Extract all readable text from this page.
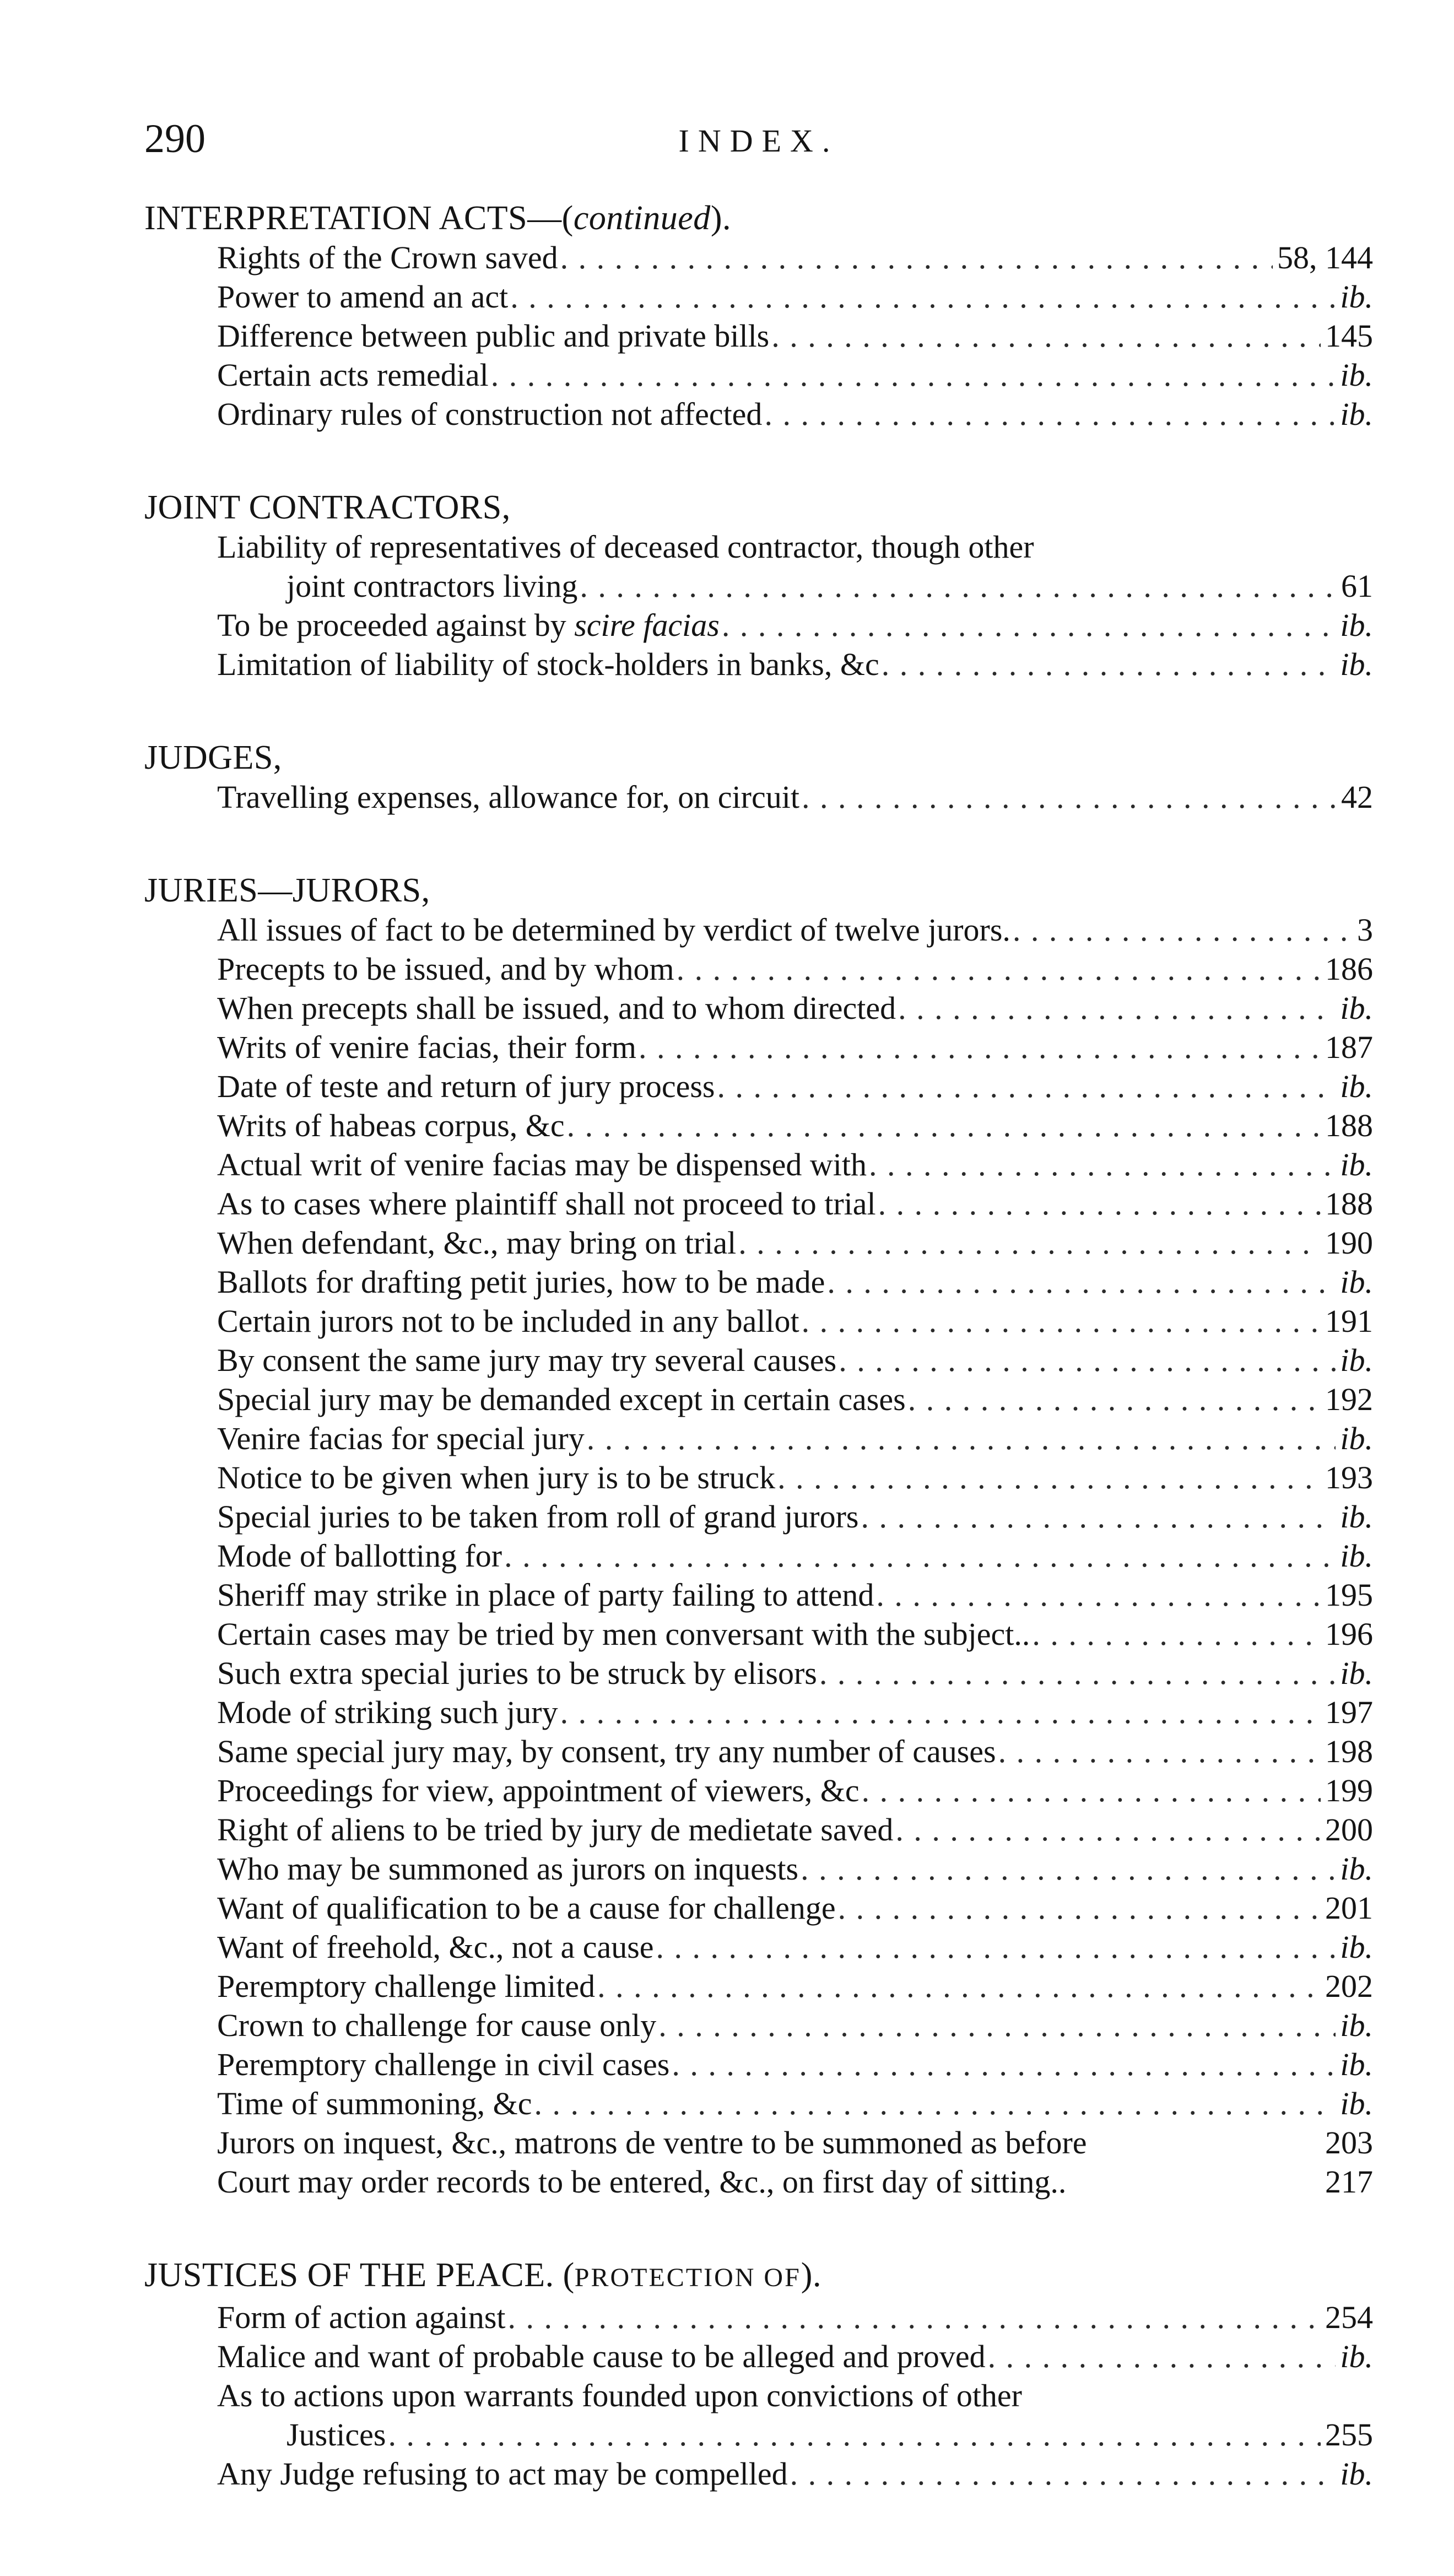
290	INDEX.
INTERPRETATION ACTS—(continued).
Rights of the Crown saved . . .	58, 144
Power to amend an act . . .	ib.
Difference between public and private bills . . .	145
Certain acts remedial . . .	ib.
Ordinary rules of construction not affected . . .	ib.
JOINT CONTRACTORS,
Liability of representatives of deceased contractor, though other
joint contractors living . . .	61
To be proceeded against by scire facias . . .	ib.
Limitation of liability of stock-holders in banks, &c . . .	ib.
JUDGES,
Travelling expenses, allowance for, on circuit . . .	42
JURIES—JURORS,
All issues of fact to be determined by verdict of twelve jurors. . . .	3
Precepts to be issued, and by whom . . .	186
When precepts shall be issued, and to whom directed . . .	ib.
Writs of venire facias, their form . . .	187
Date of teste and return of jury process . . .	ib.
Writs of habeas corpus, &c . . .	188
Actual writ of venire facias may be dispensed with . . .	ib.
As to cases where plaintiff shall not proceed to trial . . .	188
When defendant, &c., may bring on trial . . .	190
Ballots for drafting petit juries, how to be made . . .	ib.
Certain jurors not to be included in any ballot . . .	191
By consent the same jury may try several causes . . .	ib.
Special jury may be demanded except in certain cases . . .	192
Venire facias for special jury . . .	ib.
Notice to be given when jury is to be struck . . .	193
Special juries to be taken from roll of grand jurors . . .	ib.
Mode of ballotting for . . .	ib.
Sheriff may strike in place of party failing to attend . . .	195
Certain cases may be tried by men conversant with the subject.. . . .	196
Such extra special juries to be struck by elisors . . .	ib.
Mode of striking such jury . . .	197
Same special jury may, by consent, try any number of causes . . .	198
Proceedings for view, appointment of viewers, &c . . .	199
Right of aliens to be tried by jury de medietate saved . . .	200
Who may be summoned as jurors on inquests . . .	ib.
Want of qualification to be a cause for challenge . . .	201
Want of freehold, &c., not a cause . . .	ib.
Peremptory challenge limited . . .	202
Crown to challenge for cause only . . .	ib.
Peremptory challenge in civil cases . . .	ib.
Time of summoning, &c . . .	ib.
Jurors on inquest, &c., matrons de ventre to be summoned as before	203
Court may order records to be entered, &c., on first day of sitting..	217
JUSTICES OF THE PEACE. (PROTECTION OF).
Form of action against . . .	254
Malice and want of probable cause to be alleged and proved . . .	ib.
As to actions upon warrants founded upon convictions of other
Justices . . .	255
Any Judge refusing to act may be compelled . . .	ib.
